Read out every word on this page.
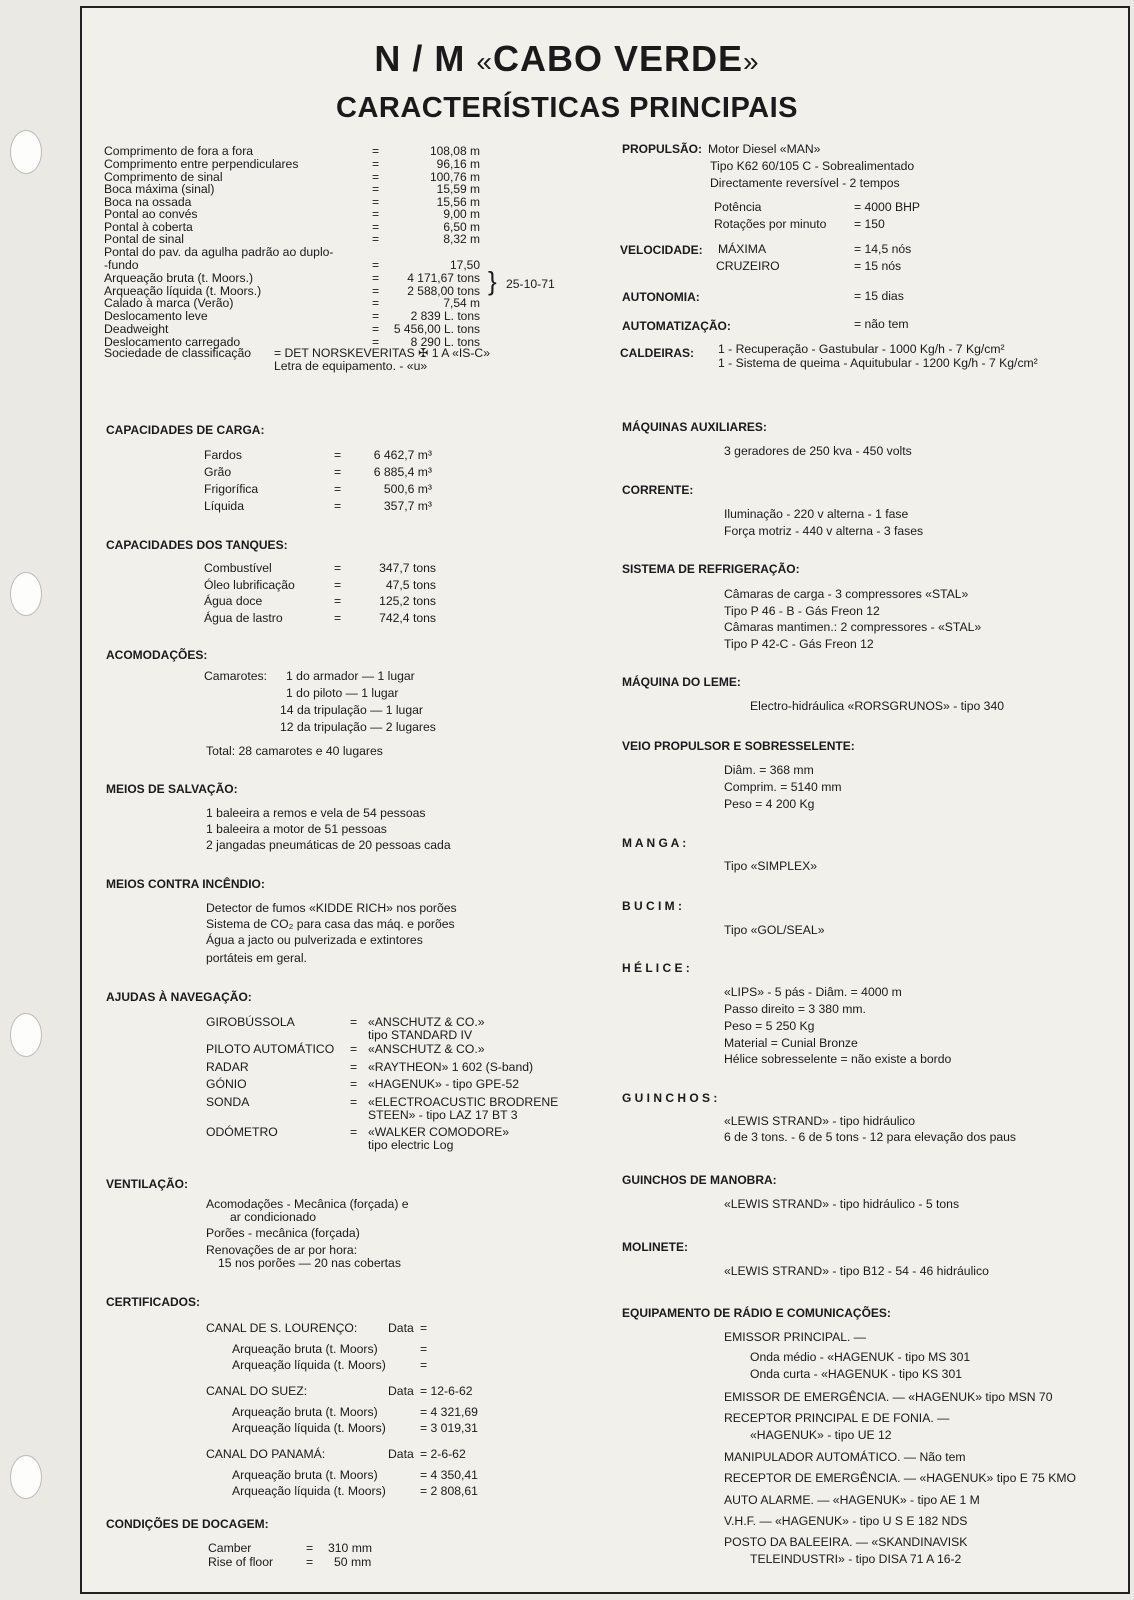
N / M «CABO VERDE»
CARACTERÍSTICAS PRINCIPAIS
Comprimento de fora a fora	=	108,08 m
Comprimento entre perpendiculares	=	96,16 m
Comprimento de sinal	=	100,76 m
Boca máxima (sinal)	=	15,59 m
Boca na ossada	=	15,56 m
Pontal ao convés	=	9,00 m
Pontal à coberta	=	6,50 m
Pontal de sinal	=	8,32 m
Pontal do pav. da agulha padrão ao duplo-
-fundo	=	17,50
Arqueação bruta (t. Moors.)	= 4 171,67 tons
Arqueação líquida (t. Moors.)	= 2 588,00 tons
Calado à marca (Verão)	=	7,54 m
Deslocamento leve	=	2 839 L. tons
Deadweight	= 5 456,00 L. tons
Deslocamento carregado	=	8 290 L. tons
} 25-10-71
Sociedade de classificação = DET NORSKEVERITAS ✠ 1 A «IS-C»
Letra de equipamento. - «u»
PROPULSÃO: Motor Diesel «MAN»
Tipo K62 60/105 C - Sobrealimentado
Directamente reversível - 2 tempos
Potência	= 4000 BHP
Rotações por minuto = 150
VELOCIDADE: MÁXIMA	= 14,5 nós
CRUZEIRO	= 15 nós
AUTONOMIA:	= 15 dias
AUTOMATIZAÇÃO:	= não tem
CALDEIRAS: 1 - Recuperação - Gastubular - 1000 Kg/h - 7 Kg/cm²
1 - Sistema de queima - Aquitubular - 1200 Kg/h - 7 Kg/cm²
CAPACIDADES DE CARGA:
Fardos	=	6 462,7 m³
Grão	=	6 885,4 m³
Frigorífica	=	500,6 m³
Líquida	=	357,7 m³
CAPACIDADES DOS TANQUES:
Combustível	=	347,7 tons
Óleo lubrificação	=	47,5 tons
Água doce	=	125,2 tons
Água de lastro	=	742,4 tons
ACOMODAÇÕES:
Camarotes: 1 do armador — 1 lugar
1 do piloto — 1 lugar
14 da tripulação — 1 lugar
12 da tripulação — 2 lugares
Total: 28 camarotes e 40 lugares
MEIOS DE SALVAÇÃO:
1 baleeira a remos e vela de 54 pessoas
1 baleeira a motor de 51 pessoas
2 jangadas pneumáticas de 20 pessoas cada
MEIOS CONTRA INCÊNDIO:
Detector de fumos «KIDDE RICH» nos porões
Sistema de CO₂ para casa das máq. e porões
Água a jacto ou pulverizada e extintores
portáteis em geral.
AJUDAS À NAVEGAÇÃO:
GIROBÚSSOLA	= «ANSCHUTZ & CO.»
tipo STANDARD IV
PILOTO AUTOMÁTICO = «ANSCHUTZ & CO.»
RADAR	= «RAYTHEON» 1 602 (S-band)
GÓNIO	= «HAGENUK» - tipo GPE-52
SONDA	= «ELECTROACUSTIC BRODRENE
STEEN» - tipo LAZ 17 BT 3
ODÓMETRO	= «WALKER COMODORE»
tipo electric Log
VENTILAÇÃO:
Acomodações - Mecânica (forçada) e
ar condicionado
Porões - mecânica (forçada)
Renovações de ar por hora:
15 nos porões — 20 nas cobertas
CERTIFICADOS:
CANAL DE S. LOURENÇO:	Data =
Arqueação bruta (t. Moors)	=
Arqueação líquida (t. Moors)	=
CANAL DO SUEZ:	Data = 12-6-62
Arqueação bruta (t. Moors)	= 4 321,69
Arqueação líquida (t. Moors)	= 3 019,31
CANAL DO PANAMÁ:	Data = 2-6-62
Arqueação bruta (t. Moors)	= 4 350,41
Arqueação líquida (t. Moors)	= 2 808,61
CONDIÇÕES DE DOCAGEM:
Camber	= 310 mm
Rise of floor	= 50 mm
MÁQUINAS AUXILIARES:
3 geradores de 250 kva - 450 volts
CORRENTE:
Iluminação - 220 v alterna - 1 fase
Força motriz - 440 v alterna - 3 fases
SISTEMA DE REFRIGERAÇÃO:
Câmaras de carga - 3 compressores «STAL»
Tipo P 46 - B - Gás Freon 12
Câmaras mantimen.: 2 compressores - «STAL»
Tipo P 42-C - Gás Freon 12
MÁQUINA DO LEME:
Electro-hidráulica «RORSGRUNOS» - tipo 340
VEIO PROPULSOR E SOBRESSELENTE:
Diâm. = 368 mm
Comprim. = 5140 mm
Peso = 4 200 Kg
M A N G A :
Tipo «SIMPLEX»
B U C I M :
Tipo «GOL/SEAL»
H É L I C E :
«LIPS» - 5 pás - Diâm. = 4000 m
Passo direito = 3 380 mm.
Peso = 5 250 Kg
Material = Cunial Bronze
Hélice sobresselente = não existe a bordo
G U I N C H O S :
«LEWIS STRAND» - tipo hidráulico
6 de 3 tons. - 6 de 5 tons - 12 para elevação dos paus
GUINCHOS DE MANOBRA:
«LEWIS STRAND» - tipo hidráulico - 5 tons
MOLINETE:
«LEWIS STRAND» - tipo B12 - 54 - 46 hidráulico
EQUIPAMENTO DE RÁDIO E COMUNICAÇÕES:
EMISSOR PRINCIPAL. —
Onda médio - «HAGENUK - tipo MS 301
Onda curta - «HAGENUK - tipo KS 301
EMISSOR DE EMERGÊNCIA. — «HAGENUK» tipo MSN 70
RECEPTOR PRINCIPAL E DE FONIA. —
«HAGENUK» - tipo UE 12
MANIPULADOR AUTOMÁTICO. — Não tem
RECEPTOR DE EMERGÊNCIA. — «HAGENUK» tipo E 75 KMO
AUTO ALARME. — «HAGENUK» - tipo AE 1 M
V.H.F. — «HAGENUK» - tipo U S E 182 NDS
POSTO DA BALEEIRA. — «SKANDINAVISK
TELEINDUSTRI» - tipo DISA 71 A 16-2
